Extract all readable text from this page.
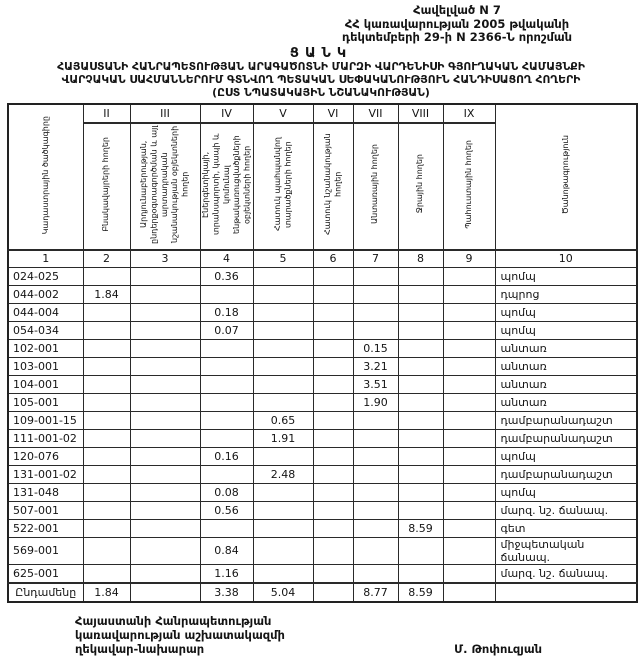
Հավելված N 7
ՀՀ կառավարության 2005 թվականի
դեկտեմբերի 29-ի N 2366-Ն որոշման
ՑԱՆԿ
ՀԱՅԱՍՏԱՆԻ ՀԱՆՐԱՊԵՏՈՒԹՅԱՆ ԱՐԱԳԱԾՈՏՆԻ ՄԱՐԶԻ ՎԱՐԴԵՆԻՍԻ ԳՅՈՒՂԱԿԱՆ ՀԱՄԱՅՆՔԻ
ՎԱՐՉԱԿԱՆ ՍԱՀՄԱՆՆԵՐՈՒՄ ԳՏՆՎՈՂ ՊԵՏԱԿԱՆ ՍԵՓԱԿԱՆՈՒԹՅՈՒՆ ՀԱՆԴԻՍԱՑՈՂ ՀՈՂԵՐԻ
(ԸՍՏ ՆՊԱՏԱԿԱՅԻՆ ՆՇԱՆԱԿՈՒԹՅԱՆ)
Կադաստրային ծածկագիրը	II	III	IV	V	VI	VII	VIII	IX	Ծանոթագրություն
	Բնակավայրերի հողեր	Արդյունաբերության, ընդերքօգտագործման և այլ արտադրական նշանակության օբյեկտների հողեր	Էներգետիկայի, տրանսպորտի, կապի և կոմունալ ենթակառուցվածքների օբյեկտների հողեր	Հատուկ պահպանվող տարածքների հողեր	Հատուկ նշանակության հողեր	Անտառային հողեր	Ջրային հողեր	Պահուստային հողեր	
1	2	3	4	5	6	7	8	9	10
024-025			0.36						պոմպ
044-002	1.84								դպրոց
044-004			0.18						պոմպ
054-034			0.07						պոմպ
102-001						0.15			անտառ
103-001						3.21			անտառ
104-001						3.51			անտառ
105-001						1.90			անտառ
109-001-15				0.65					դամբարանադաշտ
111-001-02				1.91					դամբարանադաշտ
120-076			0.16						պոմպ
131-001-02				2.48					դամբարանադաշտ
131-048			0.08						պոմպ
507-001			0.56						մարզ. նշ. ճանապ.
522-001							8.59		գետ
569-001			0.84						միջպետական ճանապ.
625-001			1.16						մարզ. նշ. ճանապ.
Ընդամենը	1.84		3.38	5.04		8.77	8.59		
Հայաստանի Հանրապետության
կառավարության աշխատակազմի
ղեկավար-նախարար	Մ. Թոփուզյան
